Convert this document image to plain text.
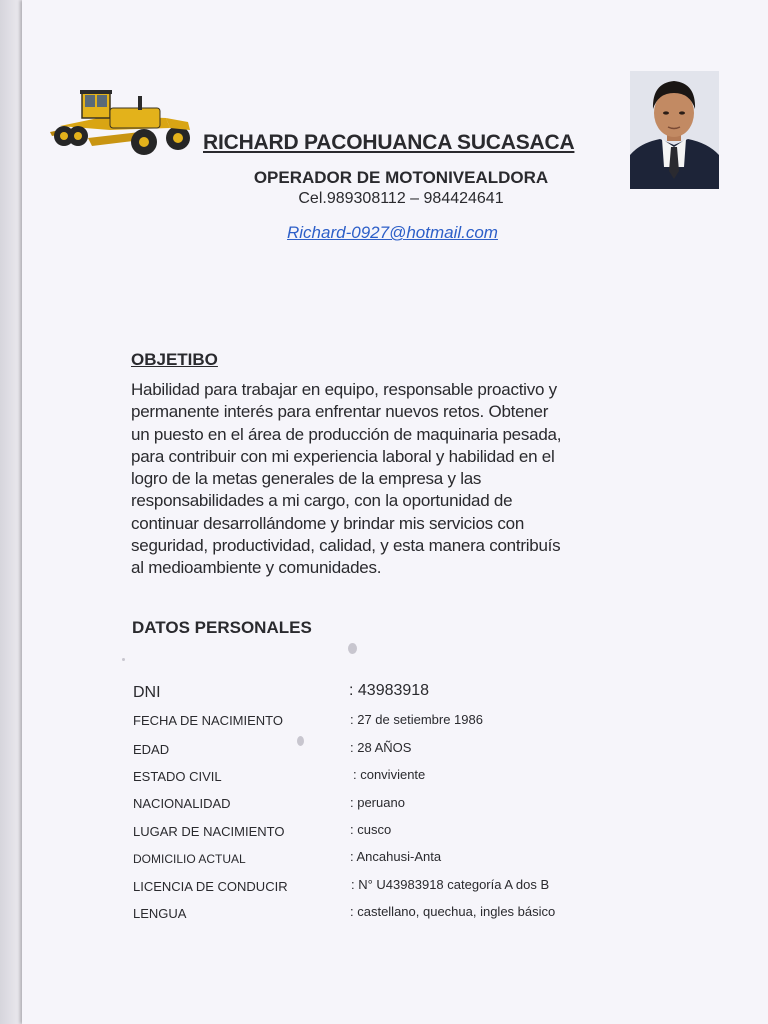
RICHARD PACOHUANCA SUCASACA
OPERADOR DE MOTONIVEALDORA
Cel.989308112 – 984424641
Richard-0927@hotmail.com
OBJETIBO
Habilidad para trabajar en equipo, responsable proactivo y
permanente interés para enfrentar nuevos retos. Obtener
un puesto en el área de producción de maquinaria pesada,
para contribuir con mi experiencia laboral y habilidad en el
logro de la metas generales de la empresa y las
responsabilidades a mi cargo, con la oportunidad de
continuar desarrollándome y brindar mis servicios con
seguridad, productividad, calidad, y esta manera contribuís
al medioambiente y comunidades.
DATOS PERSONALES
DNI	: 43983918
FECHA DE NACIMIENTO	: 27 de setiembre 1986
EDAD	: 28 AÑOS
ESTADO CIVIL	: conviviente
NACIONALIDAD	: peruano
LUGAR DE NACIMIENTO	: cusco
DOMICILIO ACTUAL	: Ancahusi-Anta
LICENCIA DE CONDUCIR	: N° U43983918 categoría A dos B
LENGUA	: castellano, quechua, ingles básico
